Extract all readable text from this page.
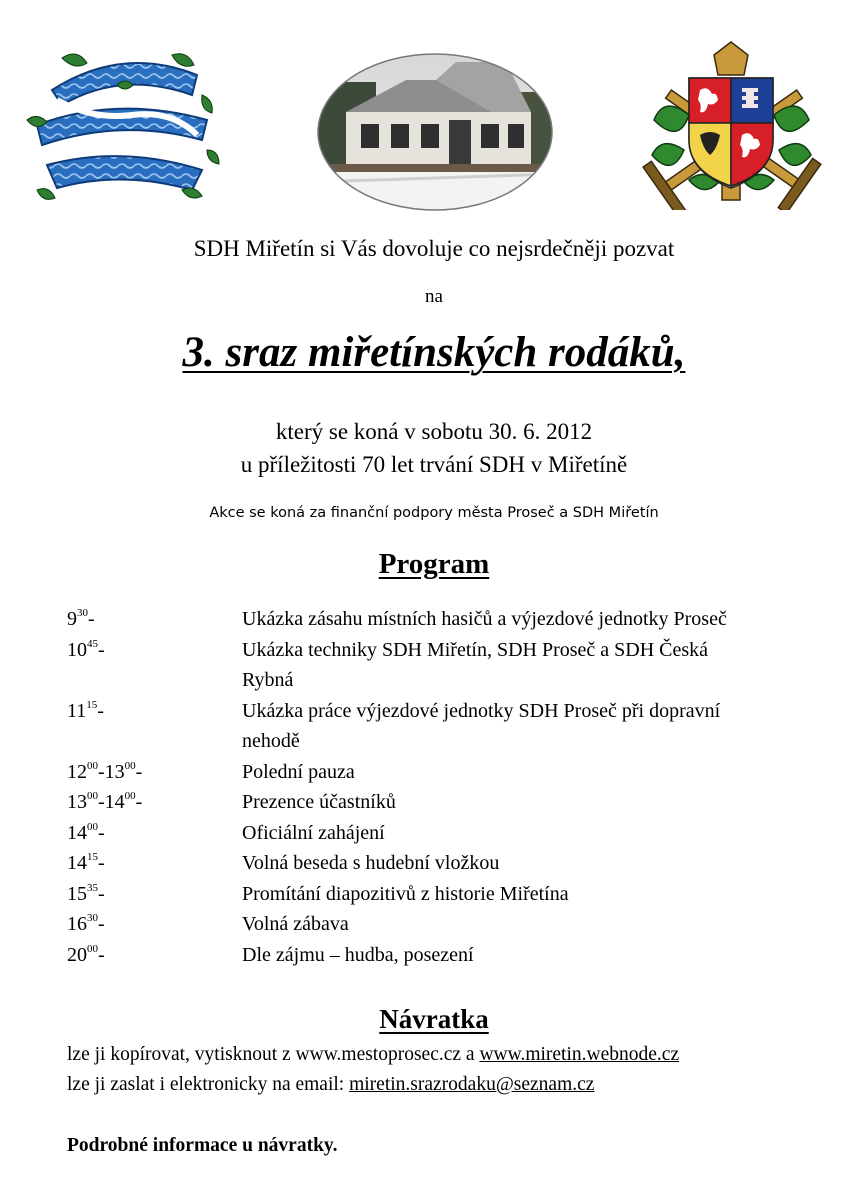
SDH Miřetín si Vás dovoluje co nejsrdečněji pozvat
na
3. sraz miřetínských rodáků,
který se koná v sobotu 30. 6. 2012
u příležitosti 70 let trvání SDH v Miřetíně
Akce se koná za finanční podpory města Proseč a SDH Miřetín
Program
$9^{30}-$	Ukázka zásahu místních hasičů a výjezdové jednotky Proseč
$10^{45}-$	Ukázka techniky SDH Miřetín, SDH Proseč a SDH Česká Rybná
$11^{15}-$	Ukázka práce výjezdové jednotky SDH Proseč při dopravní nehodě
$12^{00}-13^{00}-$	Polední pauza
$13^{00}-14^{00}-$	Prezence účastníků
$14^{00}-$	Oficiální zahájení
$14^{15}-$	Volná beseda s hudební vložkou
$15^{35}-$	Promítání diapozitivů z historie Miřetína
$16^{30}-$	Volná zábava
$20^{00}-$	Dle zájmu – hudba, posezení
Návratka
lze ji kopírovat, vytisknout z www.mestoprosec.cz a www.miretin.webnode.cz
lze ji zaslat i elektronicky na email: miretin.srazrodaku@seznam.cz
Podrobné informace u návratky.
